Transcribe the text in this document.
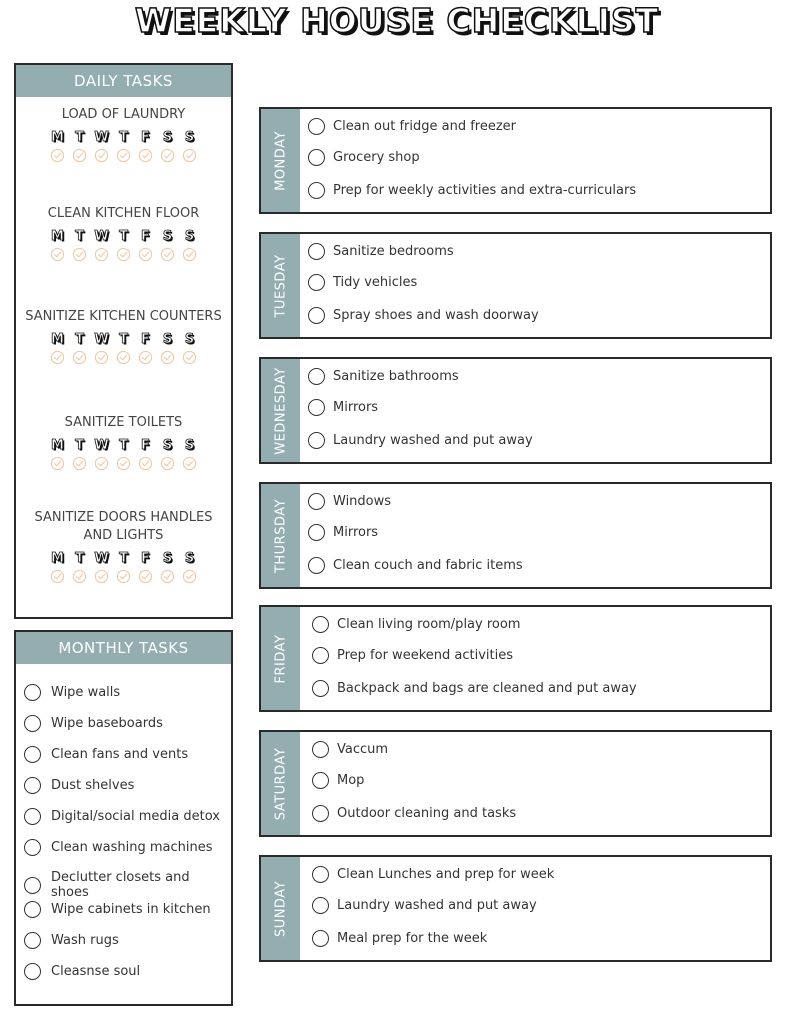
WEEKLY HOUSE CHECKLIST
DAILY TASKS
LOAD OF LAUNDRY
M T W T	F S S
CLEAN KITCHEN FLOOR
M T W T	F S S
SANITIZE KITCHEN COUNTERS
M T W T	F S S
SANITIZE TOILETS
M T W T	F S S
SANITIZE DOORS HANDLES AND LIGHTS
M T W T	F S S
MONTHLY TASKS
Wipe walls
Wipe baseboards
Clean fans and vents
Dust shelves
Digital/social media detox
Clean washing machines
Declutter closets and shoes
Wipe cabinets in kitchen
Wash rugs
Cleasnse soul
MONDAY
Clean out fridge and freezer
Grocery shop
Prep for weekly activities and extra-curriculars
TUESDAY
Sanitize bedrooms
Tidy vehicles
Spray shoes and wash doorway
WEDNESDAY	Sanitize bathrooms
Mirrors
Laundry washed and put away
THURSDAY	Windows
Mirrors
Clean couch and fabric items
FRIDAY
Clean living room/play room
Prep for weekend activities
Backpack and bags are cleaned and put away
SATURDAY	Vaccum
Mop
Outdoor cleaning and tasks
SUNDAY
Clean Lunches and prep for week
Laundry washed and put away
Meal prep for the week
